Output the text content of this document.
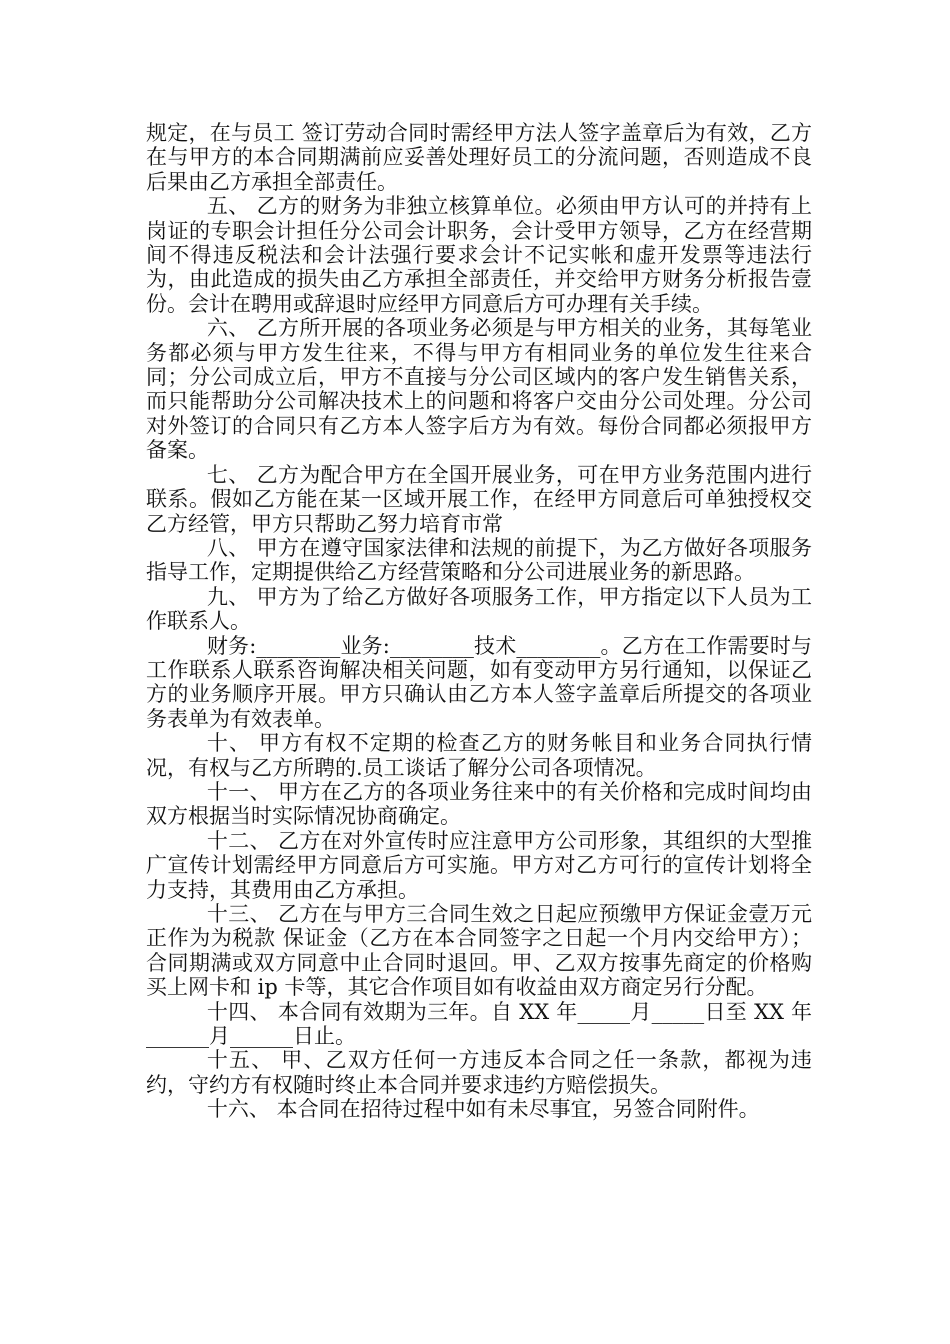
规定，在与员工 签订劳动合同时需经甲方法人签字盖章后为有效，乙方在与甲方的本合同期满前应妥善处理好员工的分流问题，否则造成不良后果由乙方承担全部责任。

五、 乙方的财务为非独立核算单位。必须由甲方认可的并持有上岗证的专职会计担任分公司会计职务，会计受甲方领导，乙方在经营期间不得违反税法和会计法强行要求会计不记实帐和虚开发票等违法行为，由此造成的损失由乙方承担全部责任，并交给甲方财务分析报告壹份。会计在聘用或辞退时应经甲方同意后方可办理有关手续。

六、 乙方所开展的各项业务必须是与甲方相关的业务，其每笔业务都必须与甲方发生往来，不得与甲方有相同业务的单位发生往来合同；分公司成立后，甲方不直接与分公司区域内的客户发生销售关系，而只能帮助分公司解决技术上的问题和将客户交由分公司处理。分公司对外签订的合同只有乙方本人签字后方为有效。每份合同都必须报甲方备案。

七、 乙方为配合甲方在全国开展业务，可在甲方业务范围内进行联系。假如乙方能在某一区域开展工作，在经甲方同意后可单独授权交乙方经管，甲方只帮助乙努力培育市常

八、 甲方在遵守国家法律和法规的前提下，为乙方做好各项服务指导工作，定期提供给乙方经营策略和分公司进展业务的新思路。

九、 甲方为了给乙方做好各项服务工作，甲方指定以下人员为工作联系人。

财务:________业务:________技术________。乙方在工作需要时与工作联系人联系咨询解决相关问题，如有变动甲方另行通知，以保证乙方的业务顺序开展。甲方只确认由乙方本人签字盖章后所提交的各项业务表单为有效表单。

十、 甲方有权不定期的检查乙方的财务帐目和业务合同执行情况，有权与乙方所聘的.员工谈话了解分公司各项情况。

十一、 甲方在乙方的各项业务往来中的有关价格和完成时间均由双方根据当时实际情况协商确定。

十二、 乙方在对外宣传时应注意甲方公司形象，其组织的大型推广宣传计划需经甲方同意后方可实施。甲方对乙方可行的宣传计划将全力支持，其费用由乙方承担。

十三、 乙方在与甲方三合同生效之日起应预缴甲方保证金壹万元正作为为税款 保证金（乙方在本合同签字之日起一个月内交给甲方）；合同期满或双方同意中止合同时退回。甲、乙双方按事先商定的价格购买上网卡和 ip 卡等，其它合作项目如有收益由双方商定另行分配。

十四、 本合同有效期为三年。自 XX 年_____月_____日至 XX 年______月______日止。

十五、 甲、乙双方任何一方违反本合同之任一条款，都视为违约，守约方有权随时终止本合同并要求违约方赔偿损失。

十六、 本合同在招待过程中如有未尽事宜，另签合同附件。
